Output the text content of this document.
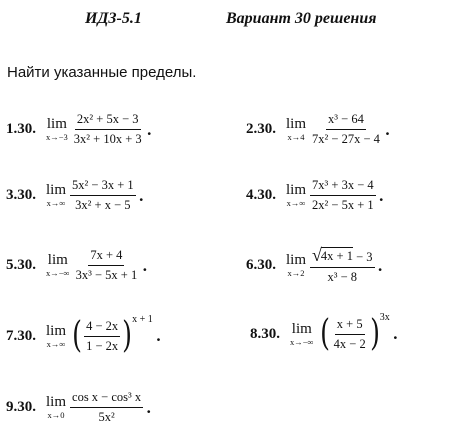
ИДЗ-5.1	Вариант 30 решения
Найти указанные пределы.
1.30. lim
$x\to-3 \frac{\text{2x² + 5x − 3}}{\text{3x² + 10x + 3}}$ .	2.30. lim
$x\to 4 \frac{\text{x³ − 64}}{\text{7x² − 27x − 4}}$ .
3.30. lim
$x\to\infty \frac{\text{5x² − 3x + 1}}{\text{3x² + x − 5}}$ .	4.30. lim
$x\to\infty \frac{\text{7x³ + 3x − 4}}{\text{2x² − 5x + 1}}$ .
5.30. lim
$x\to-\infty \frac{7x + 4}{\text{3x³ − 5x + 1}}$ .	6.30. lim
$x\to 2 \frac{√ 4x + 1 - 3}{\text{x³ − 8}}$ .
7.30. lim
x→∞ ( $\frac{4 - 2x}{1 - 2x}$ ) x + 1
.	8.30. lim
x→−∞ ( $\frac{x + 5}{4x - 2}$ ) 3x
.
9.30. lim
$x\to 0 \frac{\text{cos x − cos³ x}}{\text{5x²}}$ .
